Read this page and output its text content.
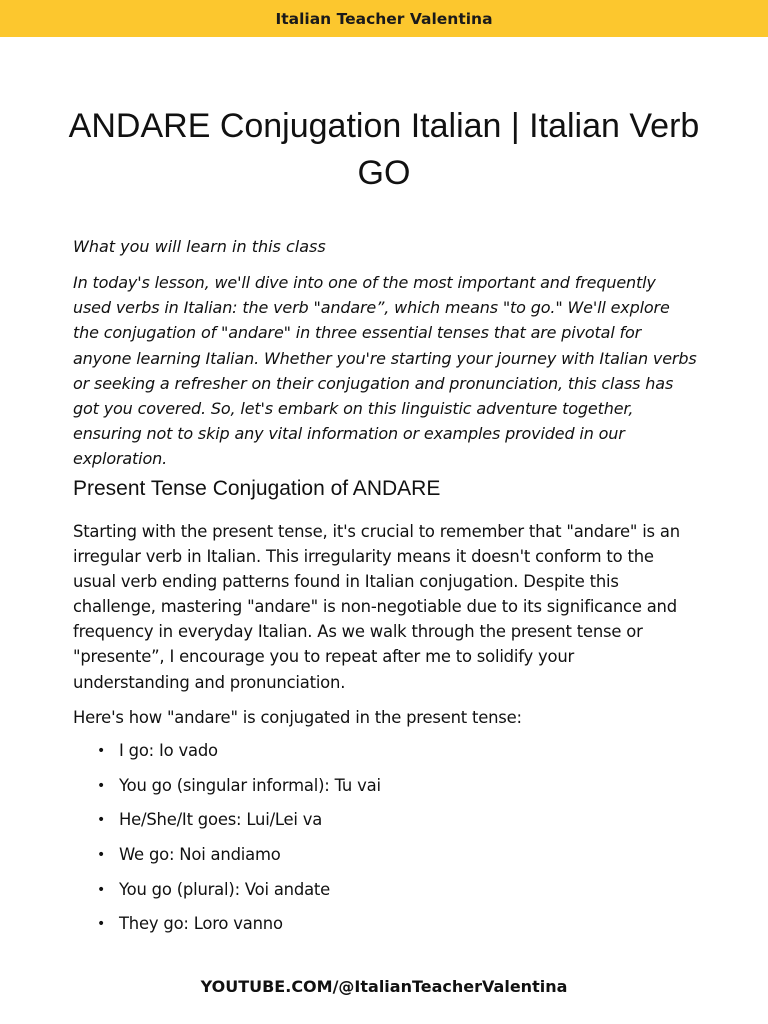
Italian Teacher Valentina
ANDARE Conjugation Italian | Italian Verb GO

What you will learn in this class

In today's lesson, we'll dive into one of the most important and frequently used verbs in Italian: the verb "andare”, which means "to go." We'll explore the conjugation of "andare" in three essential tenses that are pivotal for anyone learning Italian. Whether you're starting your journey with Italian verbs or seeking a refresher on their conjugation and pronunciation, this class has got you covered. So, let's embark on this linguistic adventure together, ensuring not to skip any vital information or examples provided in our exploration.

Present Tense Conjugation of ANDARE

Starting with the present tense, it's crucial to remember that "andare" is an irregular verb in Italian. This irregularity means it doesn't conform to the usual verb ending patterns found in Italian conjugation. Despite this challenge, mastering "andare" is non-negotiable due to its significance and frequency in everyday Italian. As we walk through the present tense or "presente”, I encourage you to repeat after me to solidify your understanding and pronunciation.

Here's how "andare" is conjugated in the present tense:

• I go: Io vado
• You go (singular informal): Tu vai
• He/She/It goes: Lui/Lei va
• We go: Noi andiamo
• You go (plural): Voi andate
• They go: Loro vanno
YOUTUBE.COM/@ItalianTeacherValentina
